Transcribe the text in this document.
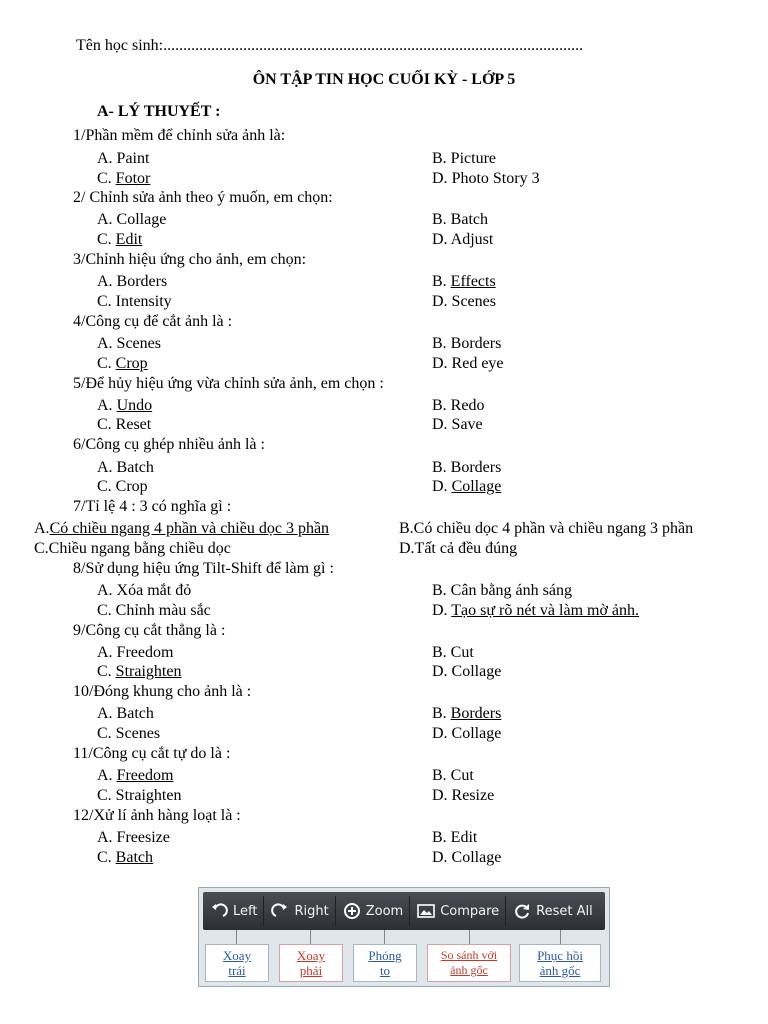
Tên học sinh:.........................................................................................................
ÔN TẬP TIN HỌC CUỐI KỲ - LỚP 5
A- LÝ THUYẾT :
1/Phần mềm để chỉnh sửa ảnh là:
A. Paint	B. Picture
C. Fotor	D. Photo Story 3
2/ Chỉnh sửa ảnh theo ý muốn, em chọn:
A. Collage	B. Batch
C. Edit	D. Adjust
3/Chỉnh hiệu ứng cho ảnh, em chọn:
A. Borders	B. Effects
C. Intensity	D. Scenes
4/Công cụ để cắt ảnh là :
A. Scenes	B. Borders
C. Crop	D. Red eye
5/Để hủy hiệu ứng vừa chỉnh sửa ảnh, em chọn :
A. Undo	B. Redo
C. Reset	D. Save
6/Công cụ ghép nhiều ảnh là :
A. Batch	B. Borders
C. Crop	D. Collage
7/Tỉ lệ 4 : 3 có nghĩa gì :
A.Có chiều ngang 4 phần và chiều dọc 3 phần	B.Có chiều dọc 4 phần và chiều ngang 3 phần
C.Chiều ngang bằng chiều dọc	D.Tất cả đều đúng
8/Sử dụng hiệu ứng Tilt-Shift để làm gì :
A. Xóa mắt đỏ	B. Cân bằng ánh sáng
C. Chỉnh màu sắc	D. Tạo sự rõ nét và làm mờ ảnh.
9/Công cụ cắt thẳng là :
A. Freedom	B. Cut
C. Straighten	D. Collage
10/Đóng khung cho ảnh là :
A. Batch	B. Borders
C. Scenes	D. Collage
11/Công cụ cắt tự do là :
A. Freedom	B. Cut
C. Straighten	D. Resize
12/Xử lí ảnh hàng loạt là :
A. Freesize	B. Edit
C. Batch	D. Collage
Left	Right	Zoom	Compare	Reset All
Xoay
trái
Xoay
phải
Phóng
to
So sánh với
ảnh gốc
Phục hồi
ảnh gốc
